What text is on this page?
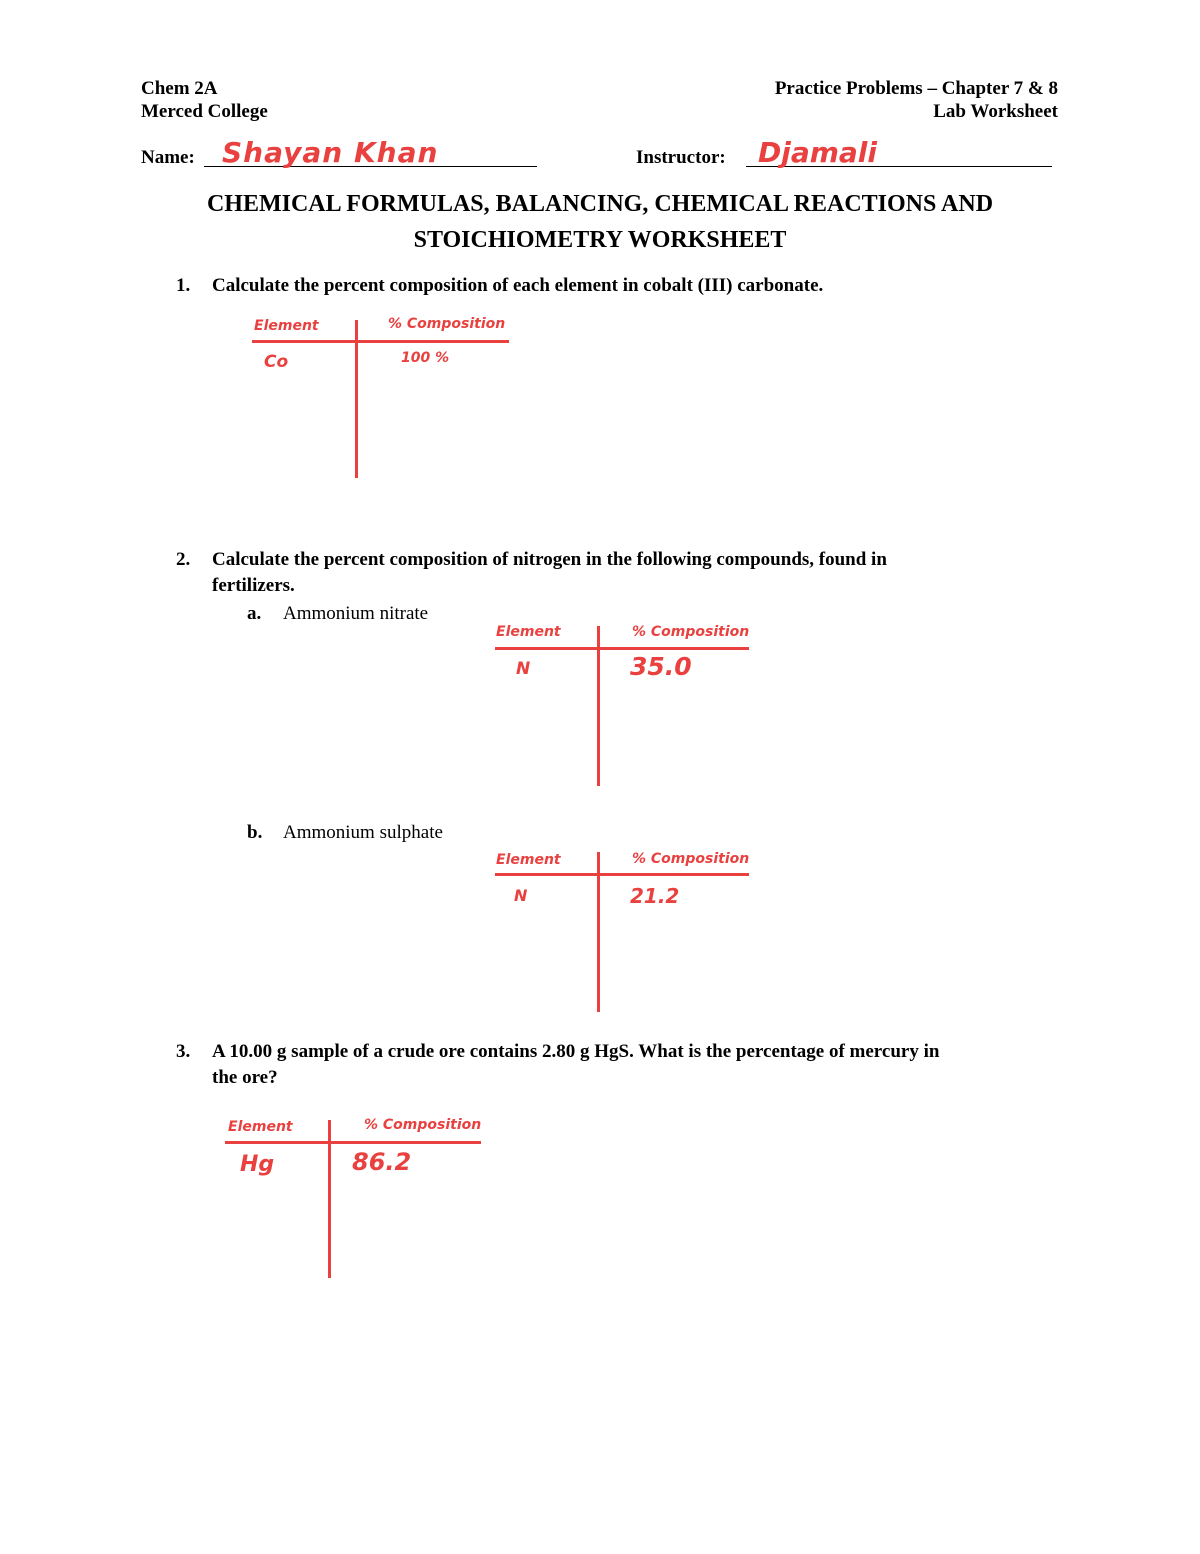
Chem 2A
Merced College
Practice Problems – Chapter 7 & 8
Lab Worksheet
Name: Shayan Khan	Instructor: Djamali
CHEMICAL FORMULAS, BALANCING, CHEMICAL REACTIONS AND
STOICHIOMETRY WORKSHEET
1. Calculate the percent composition of each element in cobalt (III) carbonate.
Element	% Composition
Co	100 %
2. Calculate the percent composition of nitrogen in the following compounds, found in
fertilizers.
a. Ammonium nitrate
Element	% Composition
N	35.0
b. Ammonium sulphate
Element	% Composition
N	21.2
3. A 10.00 g sample of a crude ore contains 2.80 g HgS. What is the percentage of mercury in
the ore?
Element	% Composition
Hg	86.2
